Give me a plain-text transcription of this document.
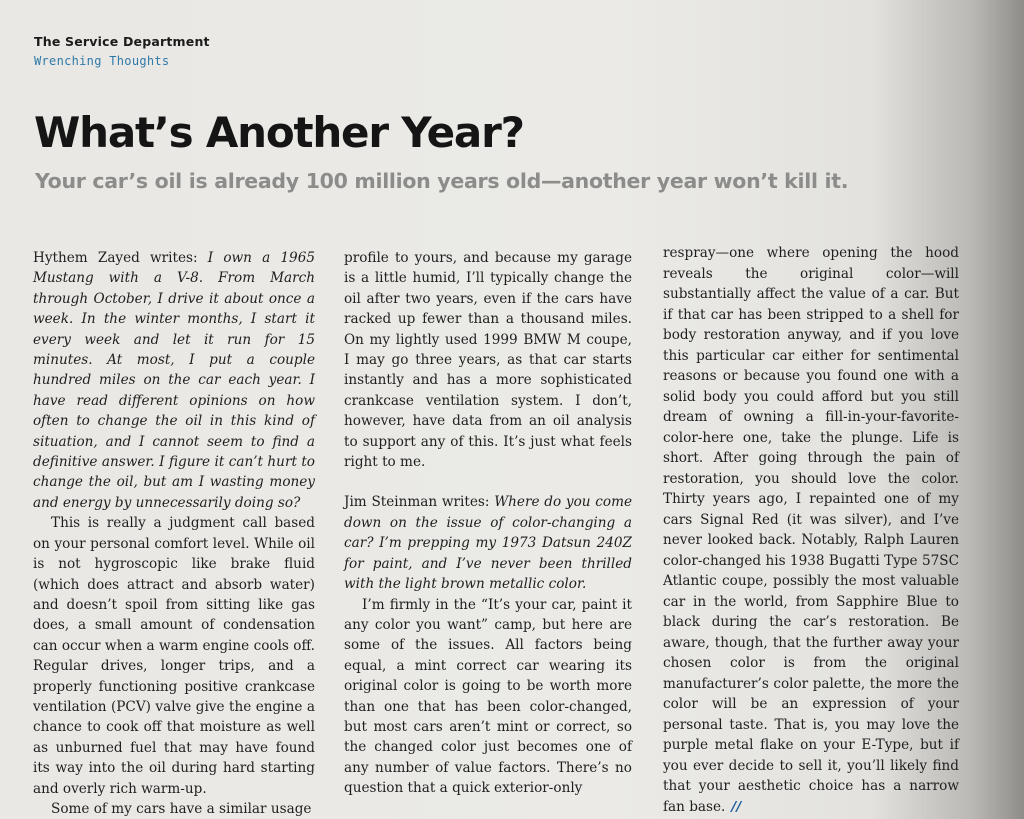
The Service Department
Wrenching Thoughts
What’s Another Year?
Your car’s oil is already 100 million years old—another year won’t kill it.

Hythem Zayed writes: I own a 1965 Mustang with a V-8. From March through October, I drive it about once a week. In the winter months, I start it every week and let it run for 15 minutes. At most, I put a couple hundred miles on the car each year. I have read different opinions on how often to change the oil in this kind of situation, and I cannot seem to find a definitive answer. I figure it can’t hurt to change the oil, but am I wasting money and energy by unnecessarily doing so?

This is really a judgment call based on your personal comfort level. While oil is not hygroscopic like brake fluid (which does attract and absorb water) and doesn’t spoil from sitting like gas does, a small amount of condensation can occur when a warm engine cools off. Regular drives, longer trips, and a properly functioning positive crankcase ventilation (PCV) valve give the engine a chance to cook off that moisture as well as unburned fuel that may have found its way into the oil during hard starting and overly rich warm-up.

Some of my cars have a similar usage

profile to yours, and because my garage is a little humid, I’ll typically change the oil after two years, even if the cars have racked up fewer than a thousand miles. On my lightly used 1999 BMW M coupe, I may go three years, as that car starts instantly and has a more sophisticated crankcase ventilation system. I don’t, however, have data from an oil analysis to support any of this. It’s just what feels right to me.

Jim Steinman writes: Where do you come down on the issue of color-changing a car? I’m prepping my 1973 Datsun 240Z for paint, and I’ve never been thrilled with the light brown metallic color.

I’m firmly in the “It’s your car, paint it any color you want” camp, but here are some of the issues. All factors being equal, a mint correct car wearing its original color is going to be worth more than one that has been color-changed, but most cars aren’t mint or correct, so the changed color just becomes one of any number of value factors. There’s no question that a quick exterior-only

respray—one where opening the hood reveals the original color—will substantially affect the value of a car. But if that car has been stripped to a shell for body restoration anyway, and if you love this particular car either for sentimental reasons or because you found one with a solid body you could afford but you still dream of owning a fill-in-your-favorite-color-here one, take the plunge. Life is short. After going through the pain of restoration, you should love the color. Thirty years ago, I repainted one of my cars Signal Red (it was silver), and I’ve never looked back. Notably, Ralph Lauren color-changed his 1938 Bugatti Type 57SC Atlantic coupe, possibly the most valuable car in the world, from Sapphire Blue to black during the car’s restoration. Be aware, though, that the further away your chosen color is from the original manufacturer’s color palette, the more the color will be an expression of your personal taste. That is, you may love the purple metal flake on your E-Type, but if you ever decide to sell it, you’ll likely find that your aesthetic choice has a narrow fan base. //
